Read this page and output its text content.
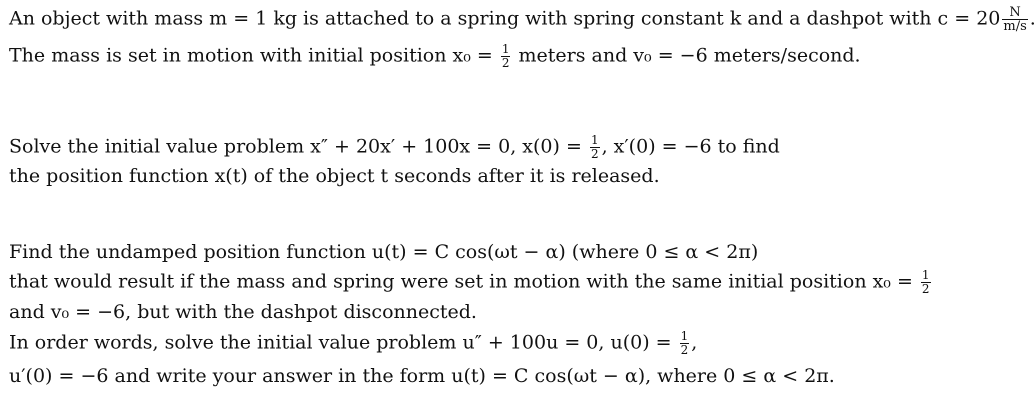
An object with mass m = 1 kg is attached to a spring with spring constant k and a dashpot with $c = 20 \frac{N}{m/s}$ .
The mass is set in motion with initial position $x_0 = \frac{1}{2}$ meters and v₀ = −6 meters/second.
Solve the initial value problem x″ + 20x′ + 100x = 0, $x(0) = \frac{1}{2}$ , x′(0) = −6 to find
the position function x(t) of the object t seconds after it is released.
Find the undamped position function u(t) = C cos(ωt − α) (where 0 ≤ α < 2π)
that would result if the mass and spring were set in motion with the same initial position $x_0 = \frac{1}{2}$
and v₀ = −6, but with the dashpot disconnected.
In order words, solve the initial value problem u″ + 100u = 0, $u(0) = \frac{1}{2}$ ,
u′(0) = −6 and write your answer in the form u(t) = C cos(ωt − α), where 0 ≤ α < 2π.
